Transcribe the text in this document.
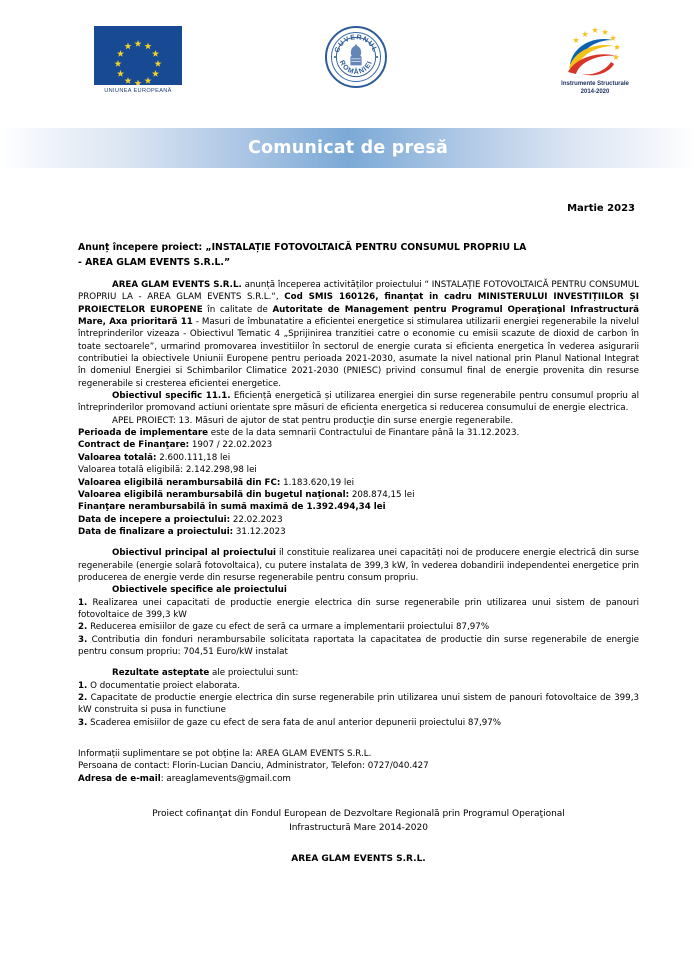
UNIUNEA EUROPEANĂ
GUVERNUL
ROMÂNIEI
Instrumente Structurale
2014-2020
Comunicat de presă
Martie 2023
Anunț începere proiect: „INSTALAȚIE FOTOVOLTAICĂ PENTRU CONSUMUL PROPRIU LA
- AREA GLAM EVENTS S.R.L.”

AREA GLAM EVENTS S.R.L. anunță începerea activităților proiectului “ INSTALAȚIE FOTOVOLTAICĂ PENTRU CONSUMUL PROPRIU LA - AREA GLAM EVENTS S.R.L.“, Cod SMIS 160126, finanțat in cadru MINISTERULUI INVESTIȚIILOR ȘI PROIECTELOR EUROPENE în calitate de Autoritate de Management pentru Programul Operaţional Infrastructură Mare, Axa prioritară 11 - Masuri de îmbunatatire a eficientei energetice si stimularea utilizarii energiei regenerabile la nivelul întreprinderilor vizeaza - Obiectivul Tematic 4 „Sprijinirea tranzitiei catre o economie cu emisii scazute de dioxid de carbon în toate sectoarele”, urmarind promovarea investitiilor în sectorul de energie curata si eficienta energetica în vederea asigurarii contributiei la obiectivele Uniunii Europene pentru perioada 2021-2030, asumate la nivel national prin Planul National Integrat în domeniul Energiei si Schimbarilor Climatice 2021-2030 (PNIESC) privind consumul final de energie provenita din resurse regenerabile si cresterea eficientei energetice.

Obiectivul specific 11.1. Eficiență energetică și utilizarea energiei din surse regenerabile pentru consumul propriu al întreprinderilor promovand actiuni orientate spre măsuri de eficienta energetica si reducerea consumului de energie electrica.

APEL PROIECT: 13. Măsuri de ajutor de stat pentru producţie din surse energie regenerabile.

Perioada de implementare este de la data semnarii Contractului de Finantare până la 31.12.2023.

Contract de Finanţare: 1907 / 22.02.2023

Valoarea totală: 2.600.111,18 lei

Valoarea totală eligibilă: 2.142.298,98 lei

Valoarea eligibilă nerambursabilă din FC: 1.183.620,19 lei

Valoarea eligibilă nerambursabilă din bugetul naţional: 208.874,15 lei

Finanţare nerambursabilă în sumă maximă de 1.392.494,34 lei

Data de incepere a proiectului: 22.02.2023

Data de finalizare a proiectului: 31.12.2023

Obiectivul principal al proiectului il constituie realizarea unei capacități noi de producere energie electrică din surse regenerabile (energie solară fotovoltaica), cu putere instalata de 399,3 kW, în vederea dobandirii independentei energetice prin producerea de energie verde din resurse regenerabile pentru consum propriu.

Obiectivele specifice ale proiectului

1. Realizarea unei capacitati de productie energie electrica din surse regenerabile prin utilizarea unui sistem de panouri fotovoltaice de 399,3 kW

2. Reducerea emisiilor de gaze cu efect de seră ca urmare a implementarii proiectului 87,97%

3. Contributia din fonduri nerambursabile solicitata raportata la capacitatea de productie din surse regenerabile de energie pentru consum propriu: 704,51 Euro/kW instalat

Rezultate asteptate ale proiectului sunt:

1. O documentatie proiect elaborata.

2. Capacitate de productie energie electrica din surse regenerabile prin utilizarea unui sistem de panouri fotovoltaice de 399,3 kW construita si pusa in functiune

3. Scaderea emisiilor de gaze cu efect de sera fata de anul anterior depunerii proiectului 87,97%

Informații suplimentare se pot obține la: AREA GLAM EVENTS S.R.L.

Persoana de contact: Florin-Lucian Danciu, Administrator, Telefon: 0727/040.427

Adresa de e-mail: areaglamevents@gmail.com

Proiect cofinanţat din Fondul European de Dezvoltare Regională prin Programul Operaţional
Infrastructură Mare 2014-2020
AREA GLAM EVENTS S.R.L.
